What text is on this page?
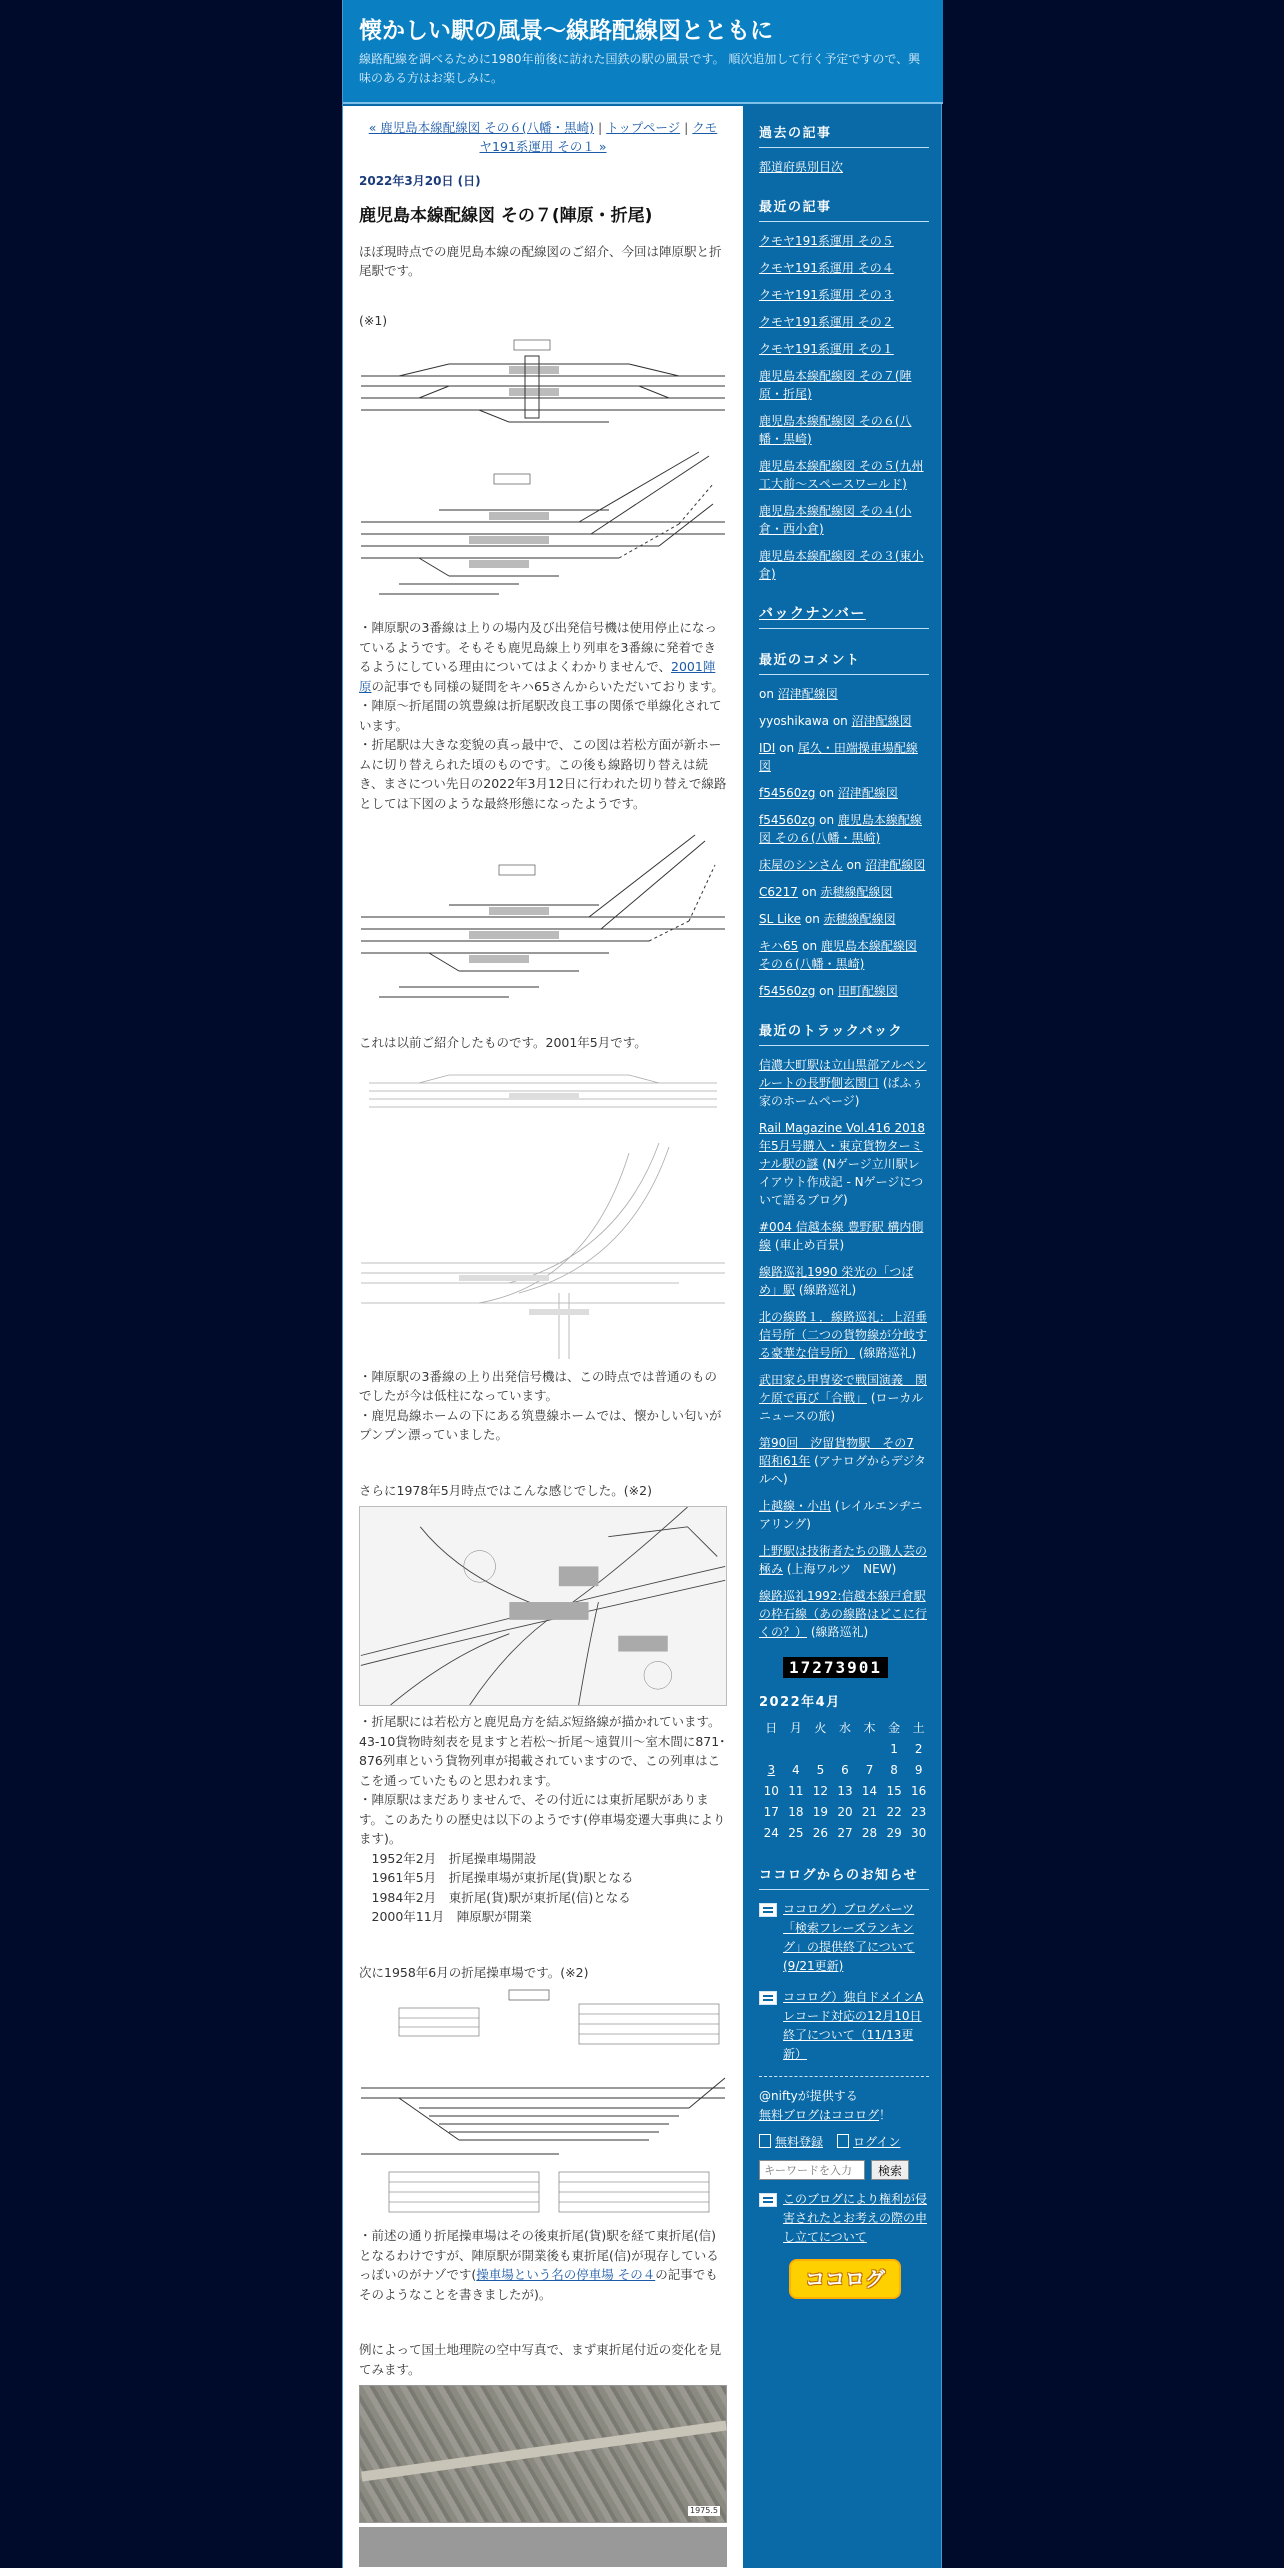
懐かしい駅の風景～線路配線図とともに

線路配線を調べるために1980年前後に訪れた国鉄の駅の風景です。 順次追加して行く予定ですので、興味のある方はお楽しみに。

« 鹿児島本線配線図 その６(八幡・黒崎) | トップページ | クモヤ191系運用 その１ »
2022年3月20日 (日)
鹿児島本線配線図 その７(陣原・折尾)
ほぼ現時点での鹿児島本線の配線図のご紹介、今回は陣原駅と折尾駅です。
(※1)
・陣原駅の3番線は上りの場内及び出発信号機は使用停止になっているようです。そもそも鹿児島線上り列車を3番線に発着できるようにしている理由についてはよくわかりませんで、2001陣原の記事でも同様の疑問をキハ65さんからいただいております。
・陣原～折尾間の筑豊線は折尾駅改良工事の関係で単線化されています。
・折尾駅は大きな変貌の真っ最中で、この図は若松方面が新ホームに切り替えられた頃のものです。この後も線路切り替えは続き、まさについ先日の2022年3月12日に行われた切り替えで線路としては下図のような最終形態になったようです。
これは以前ご紹介したものです。2001年5月です。
・陣原駅の3番線の上り出発信号機は、この時点では普通のものでしたが今は低柱になっています。
・鹿児島線ホームの下にある筑豊線ホームでは、懐かしい匂いがプンプン漂っていました。
さらに1978年5月時点ではこんな感じでした。(※2)
・折尾駅には若松方と鹿児島方を結ぶ短絡線が描かれています。43-10貨物時刻表を見ますと若松～折尾～遠賀川～室木間に871･876列車という貨物列車が掲載されていますので、この列車はここを通っていたものと思われます。
・陣原駅はまだありませんで、その付近には東折尾駅があります。このあたりの歴史は以下のようです(停車場変遷大事典により ます)。
　1952年2月　折尾操車場開設
　1961年5月　折尾操車場が東折尾(貨)駅となる
　1984年2月　東折尾(貨)駅が東折尾(信)となる
　2000年11月　陣原駅が開業
次に1958年6月の折尾操車場です。(※2)
・前述の通り折尾操車場はその後東折尾(貨)駅を経て東折尾(信)となるわけですが、陣原駅が開業後も東折尾(信)が現存しているっぽいのがナゾです(操車場という名の停車場 その４の記事でもそのようなことを書きましたが)。
例によって国土地理院の空中写真で、まず東折尾付近の変化を見てみます。
1975.5
過去の記事
都道府県別目次
最近の記事
クモヤ191系運用 その５
クモヤ191系運用 その４
クモヤ191系運用 その３
クモヤ191系運用 その２
クモヤ191系運用 その１
鹿児島本線配線図 その７(陣原・折尾)
鹿児島本線配線図 その６(八幡・黒崎)
鹿児島本線配線図 その５(九州工大前～スペースワールド)
鹿児島本線配線図 その４(小倉・西小倉)
鹿児島本線配線図 その３(東小倉)
バックナンバー
最近のコメント
on 沼津配線図
yyoshikawa on 沼津配線図
IDI on 尾久・田端操車場配線図
f54560zg on 沼津配線図
f54560zg on 鹿児島本線配線図 その６(八幡・黒崎)
床屋のシンさん on 沼津配線図
C6217 on 赤穂線配線図
SL Like on 赤穂線配線図
キハ65 on 鹿児島本線配線図 その６(八幡・黒崎)
f54560zg on 田町配線図
最近のトラックバック
信濃大町駅は立山黒部アルペンルートの長野側玄関口 (ぱふぅ家のホームページ)
Rail Magazine Vol.416 2018年5月号購入・東京貨物ターミナル駅の謎 (Nゲージ立川駅レイアウト作成記 - Nゲージについて語るブログ)
#004 信越本線 豊野駅 構内側線 (車止め百景)
線路巡礼1990 栄光の「つばめ」駅 (線路巡礼)
北の線路１．線路巡礼：上沼垂信号所（二つの貨物線が分岐する豪華な信号所） (線路巡礼)
武田家ら甲冑姿で戦国演義　関ケ原で再び「合戦」 (ローカルニュースの旅)
第90回　汐留貨物駅　その7 昭和61年 (アナログからデジタルへ)
上越線・小出 (レイルエンヂニアリング)
上野駅は技術者たちの職人芸の極み (上海ワルツ　NEW)
線路巡礼1992:信越本線戸倉駅の枠石線（あの線路はどこに行くの？） (線路巡礼)
17273901
2022年4月
日	月	火	水	木	金	土
					1	2
3	4	5	6	7	8	9
10	11	12	13	14	15	16
17	18	19	20	21	22	23
24	25	26	27	28	29	30
ココログからのお知らせ
ココログ）ブログパーツ「検索フレーズランキング」の提供終了について(9/21更新)
ココログ）独自ドメインAレコード対応の12月10日終了について（11/13更新）
@niftyが提供する
無料ブログはココログ！
無料登録	ログイン
キーワードを入力
検索
このブログにより権利が侵害されたとお考えの際の申し立てについて
ココログ
